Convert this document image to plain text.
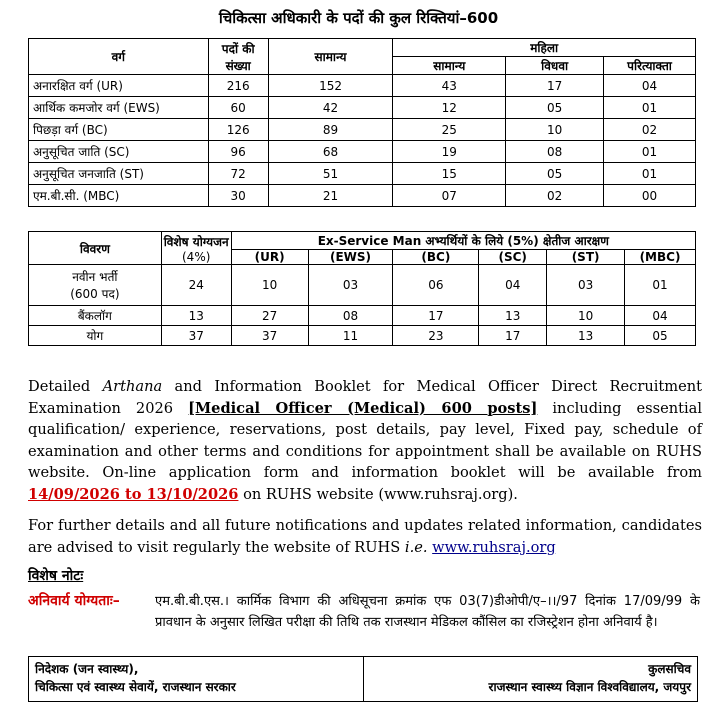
चिकित्सा अधिकारी के पदों की कुल रिक्तियां–600
वर्ग	पदों की संख्या	सामान्य	महिला		
			सामान्य	विधवा	परित्याक्ता
अनारक्षित वर्ग (UR)	216	152	43	17	04
आर्थिक कमजोर वर्ग (EWS)	60	42	12	05	01
पिछड़ा वर्ग (BC)	126	89	25	10	02
अनुसूचित जाति (SC)	96	68	19	08	01
अनुसूचित जनजाति (ST)	72	51	15	05	01
एम.बी.सी. (MBC)	30	21	07	02	00
विवरण	विशेष योग्यजन
(4%)	Ex-Service Man अभ्यर्थियों के लिये (5%) क्षेतीज आरक्षण					
		(UR)	(EWS)	(BC)	(SC)	(ST)	(MBC)
नवीन भर्ती
(600 पद)	24	10	03	06	04	03	01
बैंकलॉग	13	27	08	17	13	10	04
योग	37	37	11	23	17	13	05
Detailed Arthana and Information Booklet for Medical Officer Direct Recruitment Examination 2026 [Medical Officer (Medical) 600 posts] including essential qualification/ experience, reservations, post details, pay level, Fixed pay, schedule of examination and other terms and conditions for appointment shall be available on RUHS website. On-line application form and information booklet will be available from 14/09/2026 to 13/10/2026 on RUHS website (www.ruhsraj.org).
For further details and all future notifications and updates related information, candidates are advised to visit regularly the website of RUHS i.e. www.ruhsraj.org
विशेष नोटः
अनिवार्य योग्यताः–	एम.बी.बी.एस.। कार्मिक विभाग की अधिसूचना क्रमांक एफ 03(7)डीओपी/ए–।।/97 दिनांक 17/09/99 के प्रावधान के अनुसार लिखित परीक्षा की तिथि तक राजस्थान मेडिकल कौंसिल का रजिस्ट्रेशन होना अनिवार्य है।
निदेशक (जन स्वास्थ्य),
चिकित्सा एवं स्वास्थ्य सेवायें, राजस्थान सरकार
कुलसचिव
राजस्थान स्वास्थ्य विज्ञान विश्वविद्यालय, जयपुर
